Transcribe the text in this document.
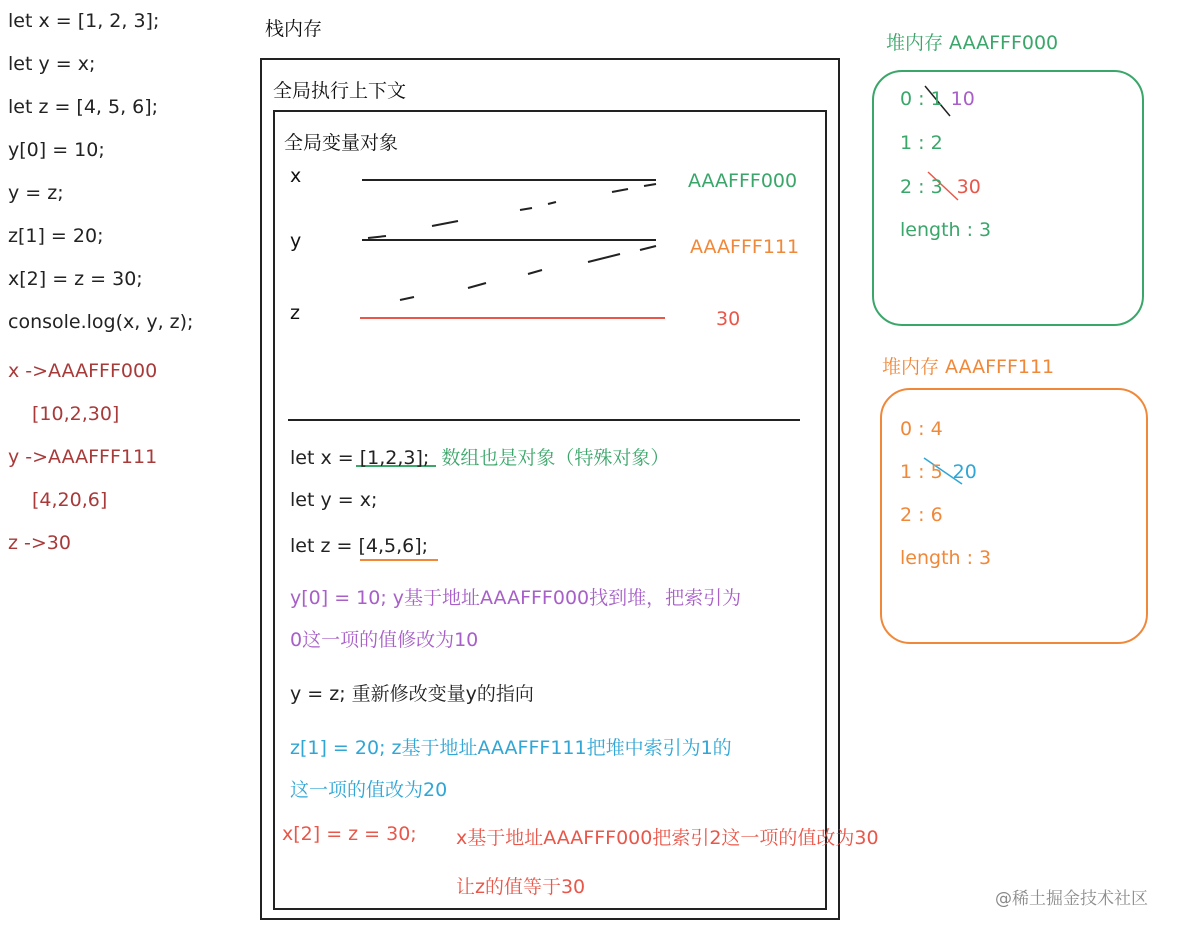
let x = [1, 2, 3];
let y = x;
let z = [4, 5, 6];
y[0] = 10;
y = z;
z[1] = 20;
x[2] = z = 30;
console.log(x, y, z);
x ->AAAFFF000
[10,2,30]
y ->AAAFFF111
[4,20,6]
z ->30
栈内存
全局执行上下文
全局变量对象
x
y
z
AAAFFF000
AAAFFF111
30
let x = [1,2,3]; 数组也是对象（特殊对象）
let y = x;
let z = [4,5,6];
y[0] = 10; y基于地址AAAFFF000找到堆，把索引为
0这一项的值修改为10
y = z; 重新修改变量y的指向
z[1] = 20; z基于地址AAAFFF111把堆中索引为1的
这一项的值改为20
x[2] = z = 30; x基于地址AAAFFF000把索引2这一项的值改为30
让z的值等于30
堆内存 AAAFFF000
0 : 1 10
1 : 2
2 : 3 30
length : 3
堆内存 AAAFFF111
0 : 4
1 : 5 20
2 : 6
length : 3
@稀土掘金技术社区
